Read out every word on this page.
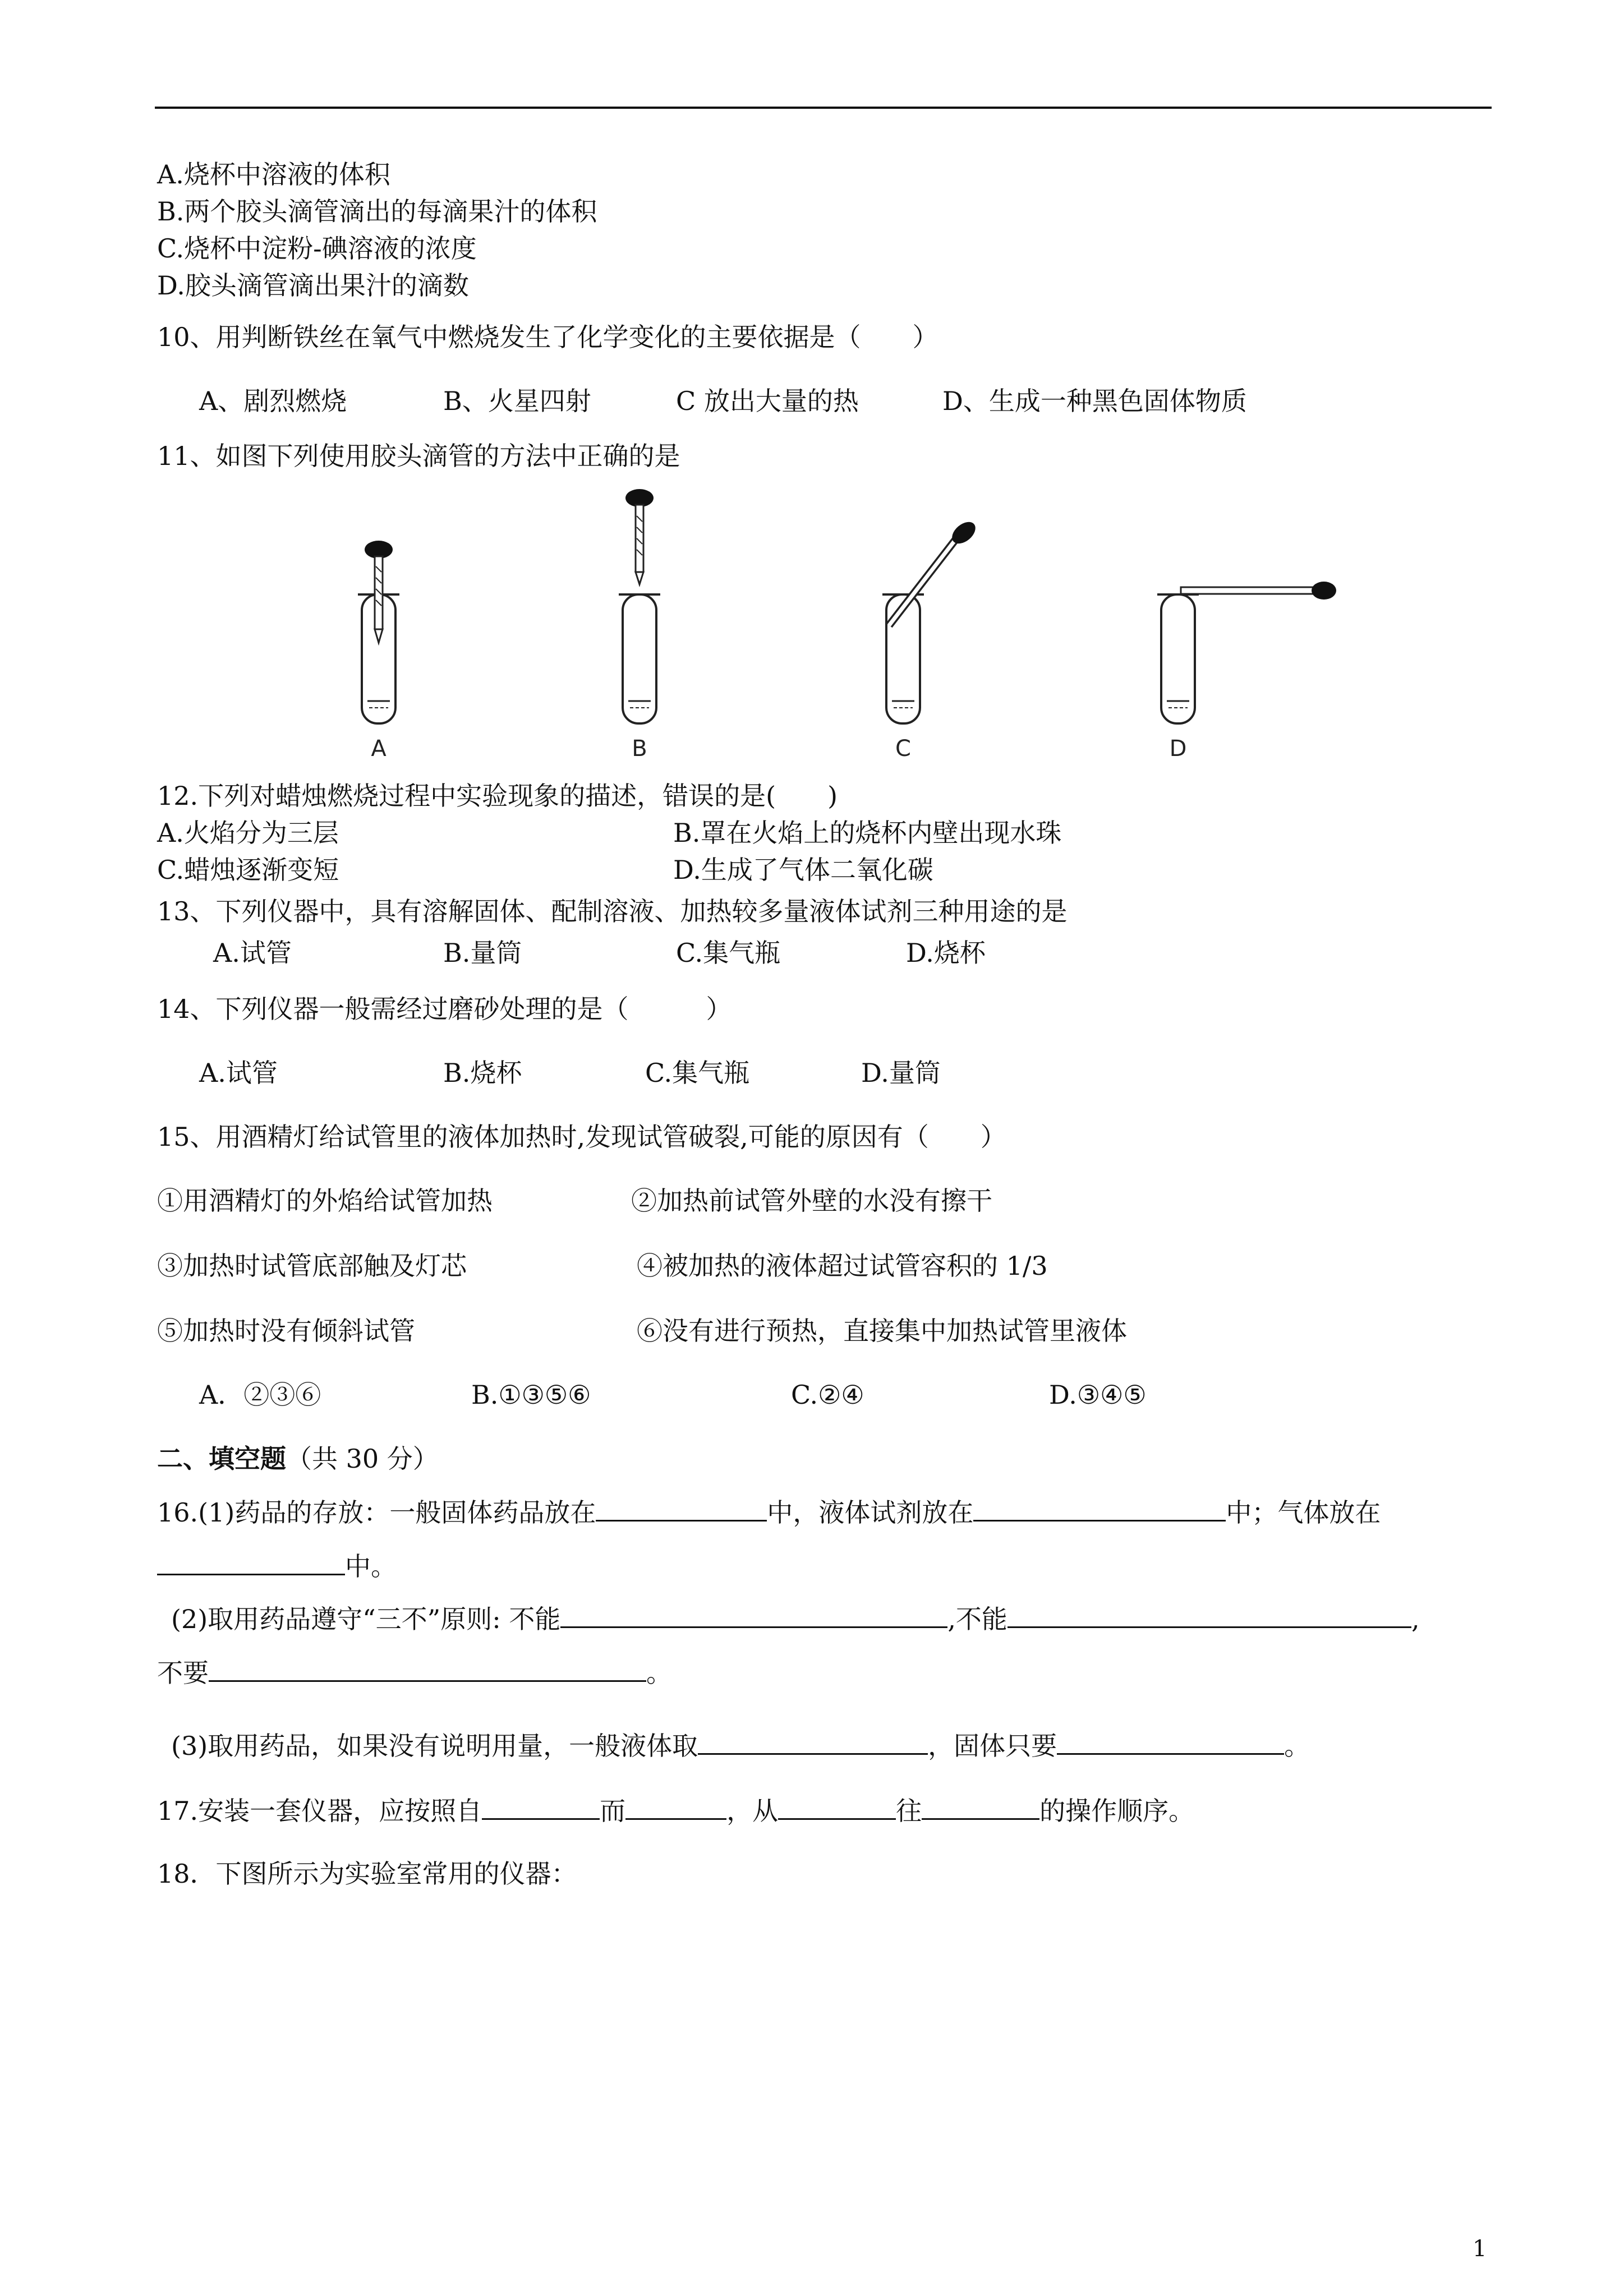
A.烧杯中溶液的体积
B.两个胶头滴管滴出的每滴果汁的体积
C.烧杯中淀粉-碘溶液的浓度
D.胶头滴管滴出果汁的滴数
10、用判断铁丝在氧气中燃烧发生了化学变化的主要依据是（　　）
A、剧烈燃烧	B、火星四射	C 放出大量的热	D、生成一种黑色固体物质
11、如图下列使用胶头滴管的方法中正确的是
A	B	C	D
12.下列对蜡烛燃烧过程中实验现象的描述，错误的是(　　)
A.火焰分为三层	B.罩在火焰上的烧杯内壁出现水珠
C.蜡烛逐渐变短	D.生成了气体二氧化碳
13、下列仪器中，具有溶解固体、配制溶液、加热较多量液体试剂三种用途的是
A.试管	B.量筒	C.集气瓶	D.烧杯
14、下列仪器一般需经过磨砂处理的是（　　　）
A.试管	B.烧杯	C.集气瓶	D.量筒
15、用酒精灯给试管里的液体加热时,发现试管破裂,可能的原因有（　　）
①用酒精灯的外焰给试管加热	②加热前试管外壁的水没有擦干
③加热时试管底部触及灯芯	④被加热的液体超过试管容积的 1/3
⑤加热时没有倾斜试管	⑥没有进行预热，直接集中加热试管里液体
A．②③⑥	B.①③⑤⑥	C.②④	D.③④⑤
二、填空题（共 30 分）
16.(1)药品的存放：一般固体药品放在	中，液体试剂放在	中；气体放在
中。
(2)取用药品遵守“三不”原则: 不能	,不能	,
不要	。
(3)取用药品，如果没有说明用量，一般液体取	，固体只要	。
17.安装一套仪器，应按照自	而	，从	往	的操作顺序。
18．下图所示为实验室常用的仪器：
1
